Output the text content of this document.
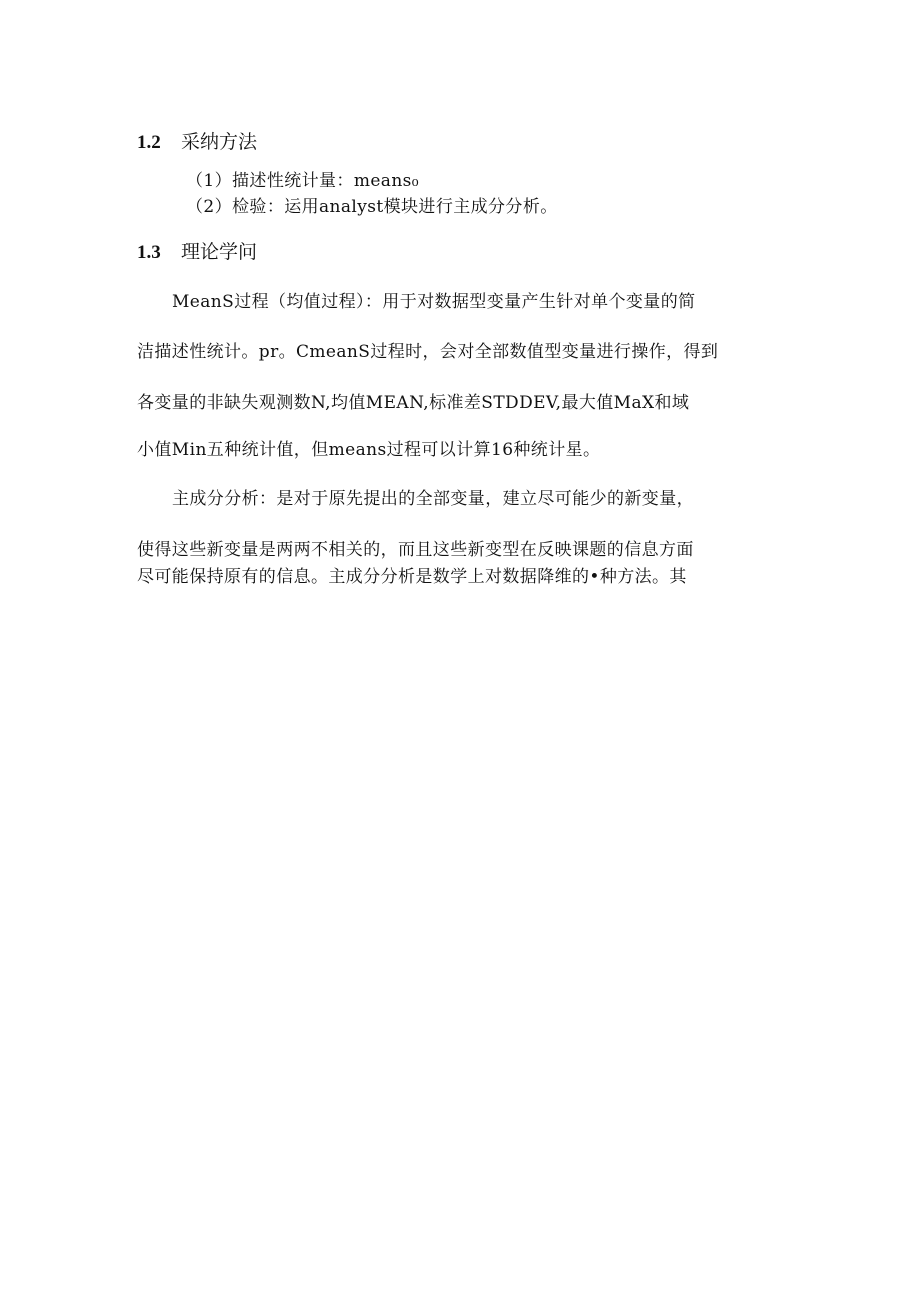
1.2 采纳方法

（1）描述性统计量：means₀

（2）检验：运用analyst模块进行主成分分析。

1.3 理论学问

MeanS过程（均值过程）：用于对数据型变量产生针对单个变量的简

洁描述性统计。pr。CmeanS过程时，会对全部数值型变量进行操作，得到

各变量的非缺失观测数N,均值MEAN,标准差STDDEV,最大值MaX和域

小值Min五种统计值，但means过程可以计算16种统计星。

主成分分析：是对于原先提出的全部变量，建立尽可能少的新变量，

使得这些新变量是两两不相关的，而且这些新变型在反映课题的信息方面

尽可能保持原有的信息。主成分分析是数学上对数据降维的•种方法。其
